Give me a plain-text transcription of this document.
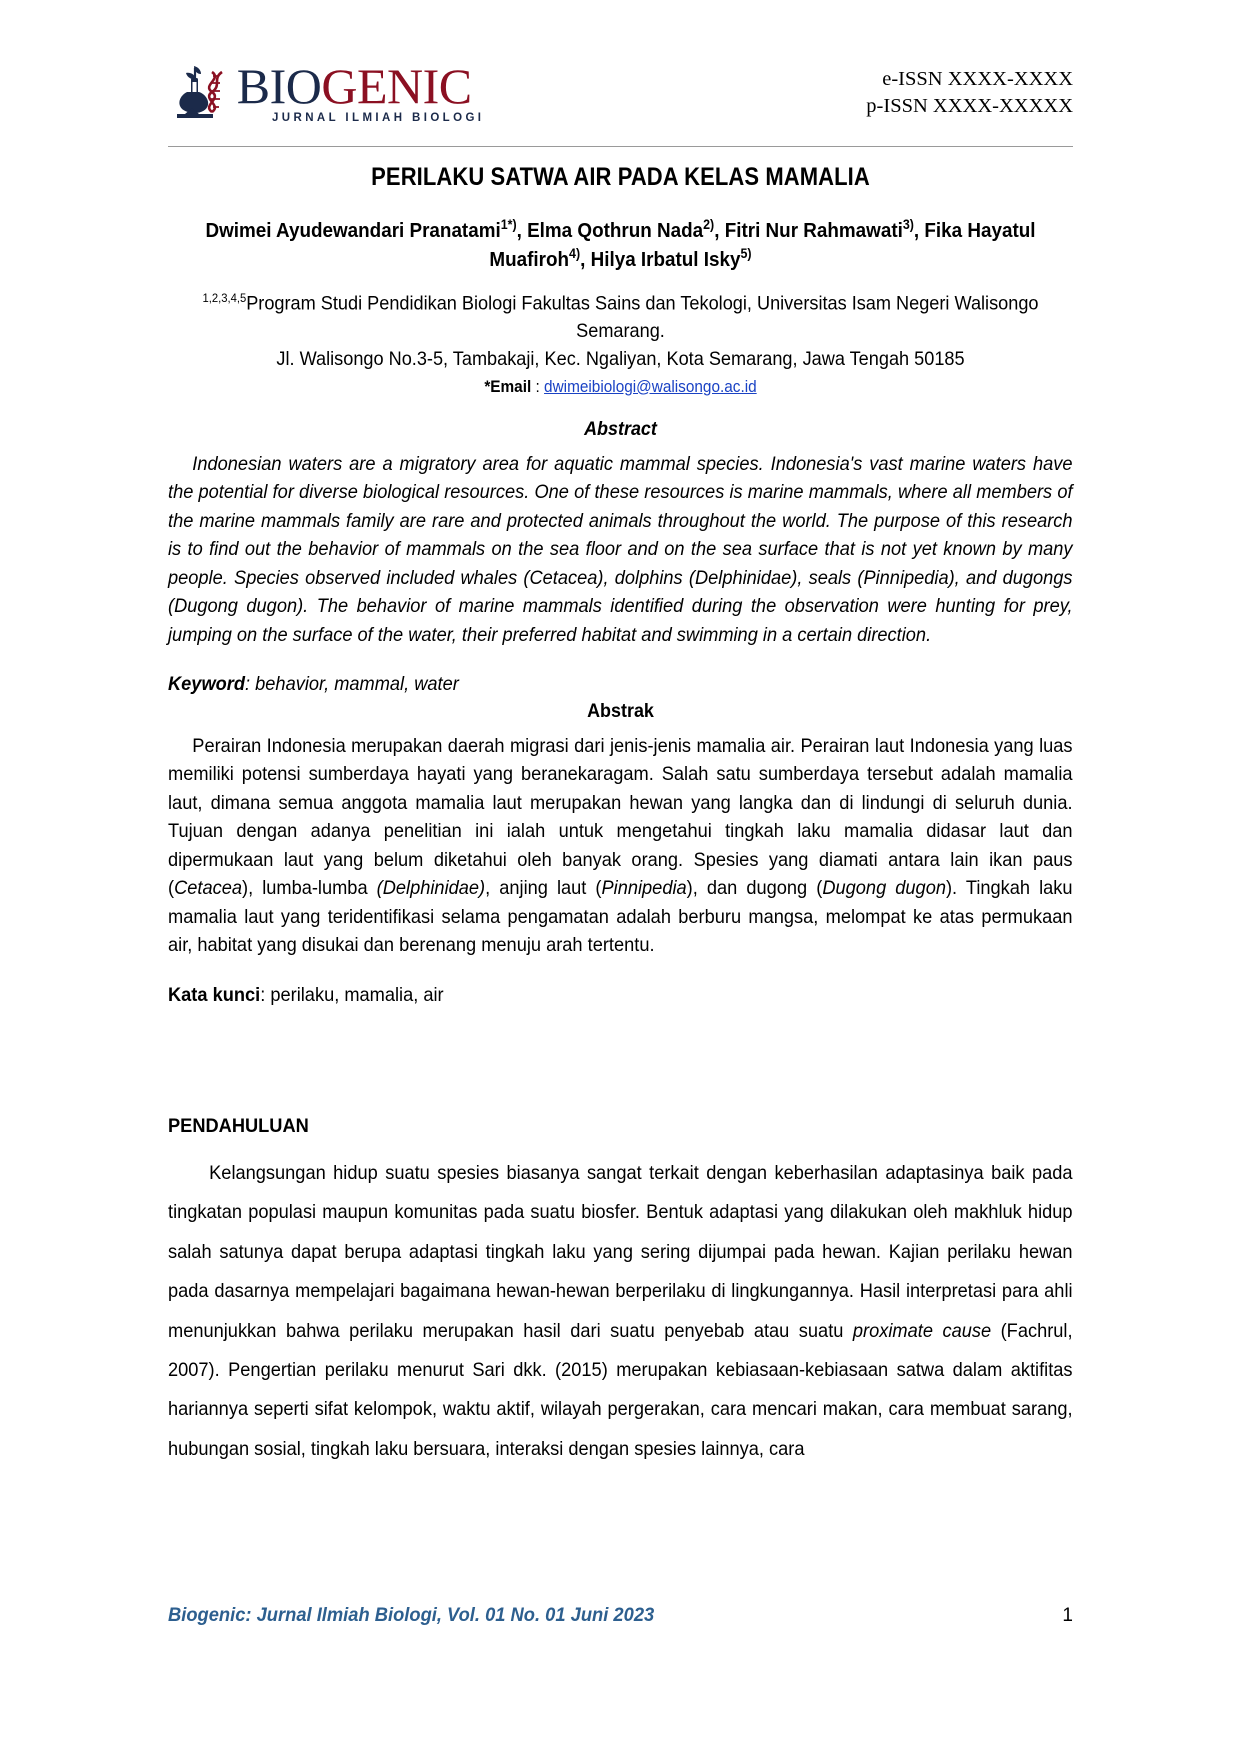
BIOGENIC
JURNAL ILMIAH BIOLOGI
e-ISSN XXXX-XXXX
p-ISSN XXXX-XXXXX
PERILAKU SATWA AIR PADA KELAS MAMALIA
Dwimei Ayudewandari Pranatami$^{1*)}$, Elma Qothrun Nada$^{2)}$, Fitri Nur Rahmawati$^{3)}$, Fika Hayatul Muafiroh$^{4)}$, Hilya Irbatul Isky$^{5)}$
$^{1,2,3,4,5}$Program Studi Pendidikan Biologi Fakultas Sains dan Tekologi, Universitas Isam Negeri Walisongo Semarang.
Jl. Walisongo No.3-5, Tambakaji, Kec. Ngaliyan, Kota Semarang, Jawa Tengah 50185
*Email : dwimeibiologi@walisongo.ac.id
Abstract
Indonesian waters are a migratory area for aquatic mammal species. Indonesia's vast marine waters have the potential for diverse biological resources. One of these resources is marine mammals, where all members of the marine mammals family are rare and protected animals throughout the world. The purpose of this research is to find out the behavior of mammals on the sea floor and on the sea surface that is not yet known by many people. Species observed included whales (Cetacea), dolphins (Delphinidae), seals (Pinnipedia), and dugongs (Dugong dugon). The behavior of marine mammals identified during the observation were hunting for prey, jumping on the surface of the water, their preferred habitat and swimming in a certain direction.
Keyword: behavior, mammal, water
Abstrak
Perairan Indonesia merupakan daerah migrasi dari jenis-jenis mamalia air. Perairan laut Indonesia yang luas memiliki potensi sumberdaya hayati yang beranekaragam. Salah satu sumberdaya tersebut adalah mamalia laut, dimana semua anggota mamalia laut merupakan hewan yang langka dan di lindungi di seluruh dunia. Tujuan dengan adanya penelitian ini ialah untuk mengetahui tingkah laku mamalia didasar laut dan dipermukaan laut yang belum diketahui oleh banyak orang. Spesies yang diamati antara lain ikan paus (Cetacea), lumba-lumba (Delphinidae), anjing laut (Pinnipedia), dan dugong (Dugong dugon). Tingkah laku mamalia laut yang teridentifikasi selama pengamatan adalah berburu mangsa, melompat ke atas permukaan air, habitat yang disukai dan berenang menuju arah tertentu.
Kata kunci: perilaku, mamalia, air
PENDAHULUAN
Kelangsungan hidup suatu spesies biasanya sangat terkait dengan keberhasilan adaptasinya baik pada tingkatan populasi maupun komunitas pada suatu biosfer. Bentuk adaptasi yang dilakukan oleh makhluk hidup salah satunya dapat berupa adaptasi tingkah laku yang sering dijumpai pada hewan. Kajian perilaku hewan pada dasarnya mempelajari bagaimana hewan-hewan berperilaku di lingkungannya. Hasil interpretasi para ahli menunjukkan bahwa perilaku merupakan hasil dari suatu penyebab atau suatu proximate cause (Fachrul, 2007). Pengertian perilaku menurut Sari dkk. (2015) merupakan kebiasaan-kebiasaan satwa dalam aktifitas hariannya seperti sifat kelompok, waktu aktif, wilayah pergerakan, cara mencari makan, cara membuat sarang, hubungan sosial, tingkah laku bersuara, interaksi dengan spesies lainnya, cara
Biogenic: Jurnal Ilmiah Biologi, Vol. 01 No. 01 Juni 2023	1
